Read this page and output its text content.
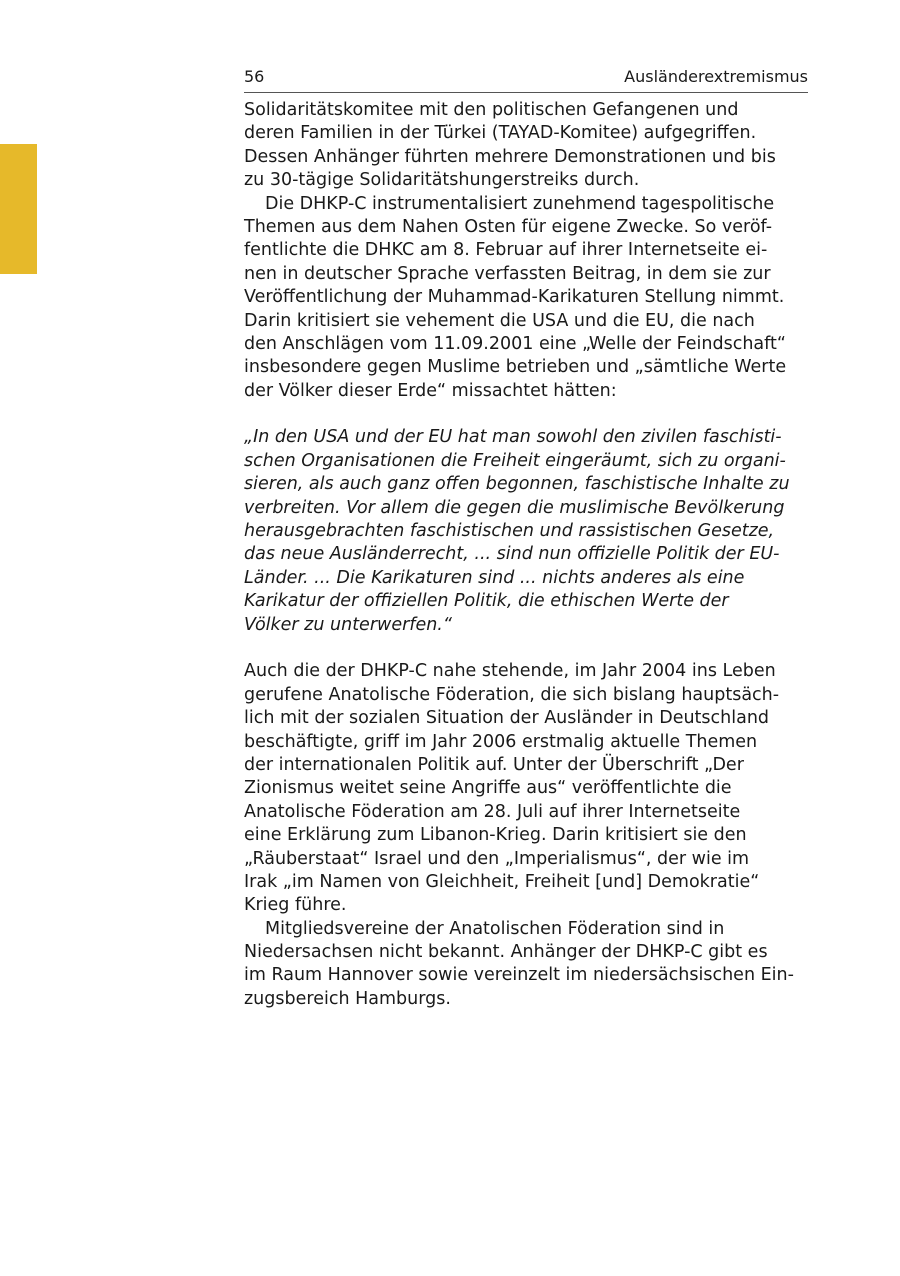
56	Ausländerextremismus
Solidaritätskomitee mit den politischen Gefangenen und
deren Familien in der Türkei (TAYAD-Komitee) aufgegriffen.
Dessen Anhänger führten mehrere Demonstrationen und bis
zu 30-tägige Solidaritätshungerstreiks durch.
Die DHKP-C instrumentalisiert zunehmend tagespolitische
Themen aus dem Nahen Osten für eigene Zwecke. So veröf-
fentlichte die DHKC am 8. Februar auf ihrer Internetseite ei-
nen in deutscher Sprache verfassten Beitrag, in dem sie zur
Veröffentlichung der Muhammad-Karikaturen Stellung nimmt.
Darin kritisiert sie vehement die USA und die EU, die nach
den Anschlägen vom 11.09.2001 eine „Welle der Feindschaft“
insbesondere gegen Muslime betrieben und „sämtliche Werte
der Völker dieser Erde“ missachtet hätten:
„In den USA und der EU hat man sowohl den zivilen faschisti-
schen Organisationen die Freiheit eingeräumt, sich zu organi-
sieren, als auch ganz offen begonnen, faschistische Inhalte zu
verbreiten. Vor allem die gegen die muslimische Bevölkerung
herausgebrachten faschistischen und rassistischen Gesetze,
das neue Ausländerrecht, ... sind nun offizielle Politik der EU-
Länder. ... Die Karikaturen sind ... nichts anderes als eine
Karikatur der offiziellen Politik, die ethischen Werte der
Völker zu unterwerfen.“
Auch die der DHKP-C nahe stehende, im Jahr 2004 ins Leben
gerufene Anatolische Föderation, die sich bislang hauptsäch-
lich mit der sozialen Situation der Ausländer in Deutschland
beschäftigte, griff im Jahr 2006 erstmalig aktuelle Themen
der internationalen Politik auf. Unter der Überschrift „Der
Zionismus weitet seine Angriffe aus“ veröffentlichte die
Anatolische Föderation am 28. Juli auf ihrer Internetseite
eine Erklärung zum Libanon-Krieg. Darin kritisiert sie den
„Räuberstaat“ Israel und den „Imperialismus“, der wie im
Irak „im Namen von Gleichheit, Freiheit [und] Demokratie“
Krieg führe.
Mitgliedsvereine der Anatolischen Föderation sind in
Niedersachsen nicht bekannt. Anhänger der DHKP-C gibt es
im Raum Hannover sowie vereinzelt im niedersächsischen Ein-
zugsbereich Hamburgs.
